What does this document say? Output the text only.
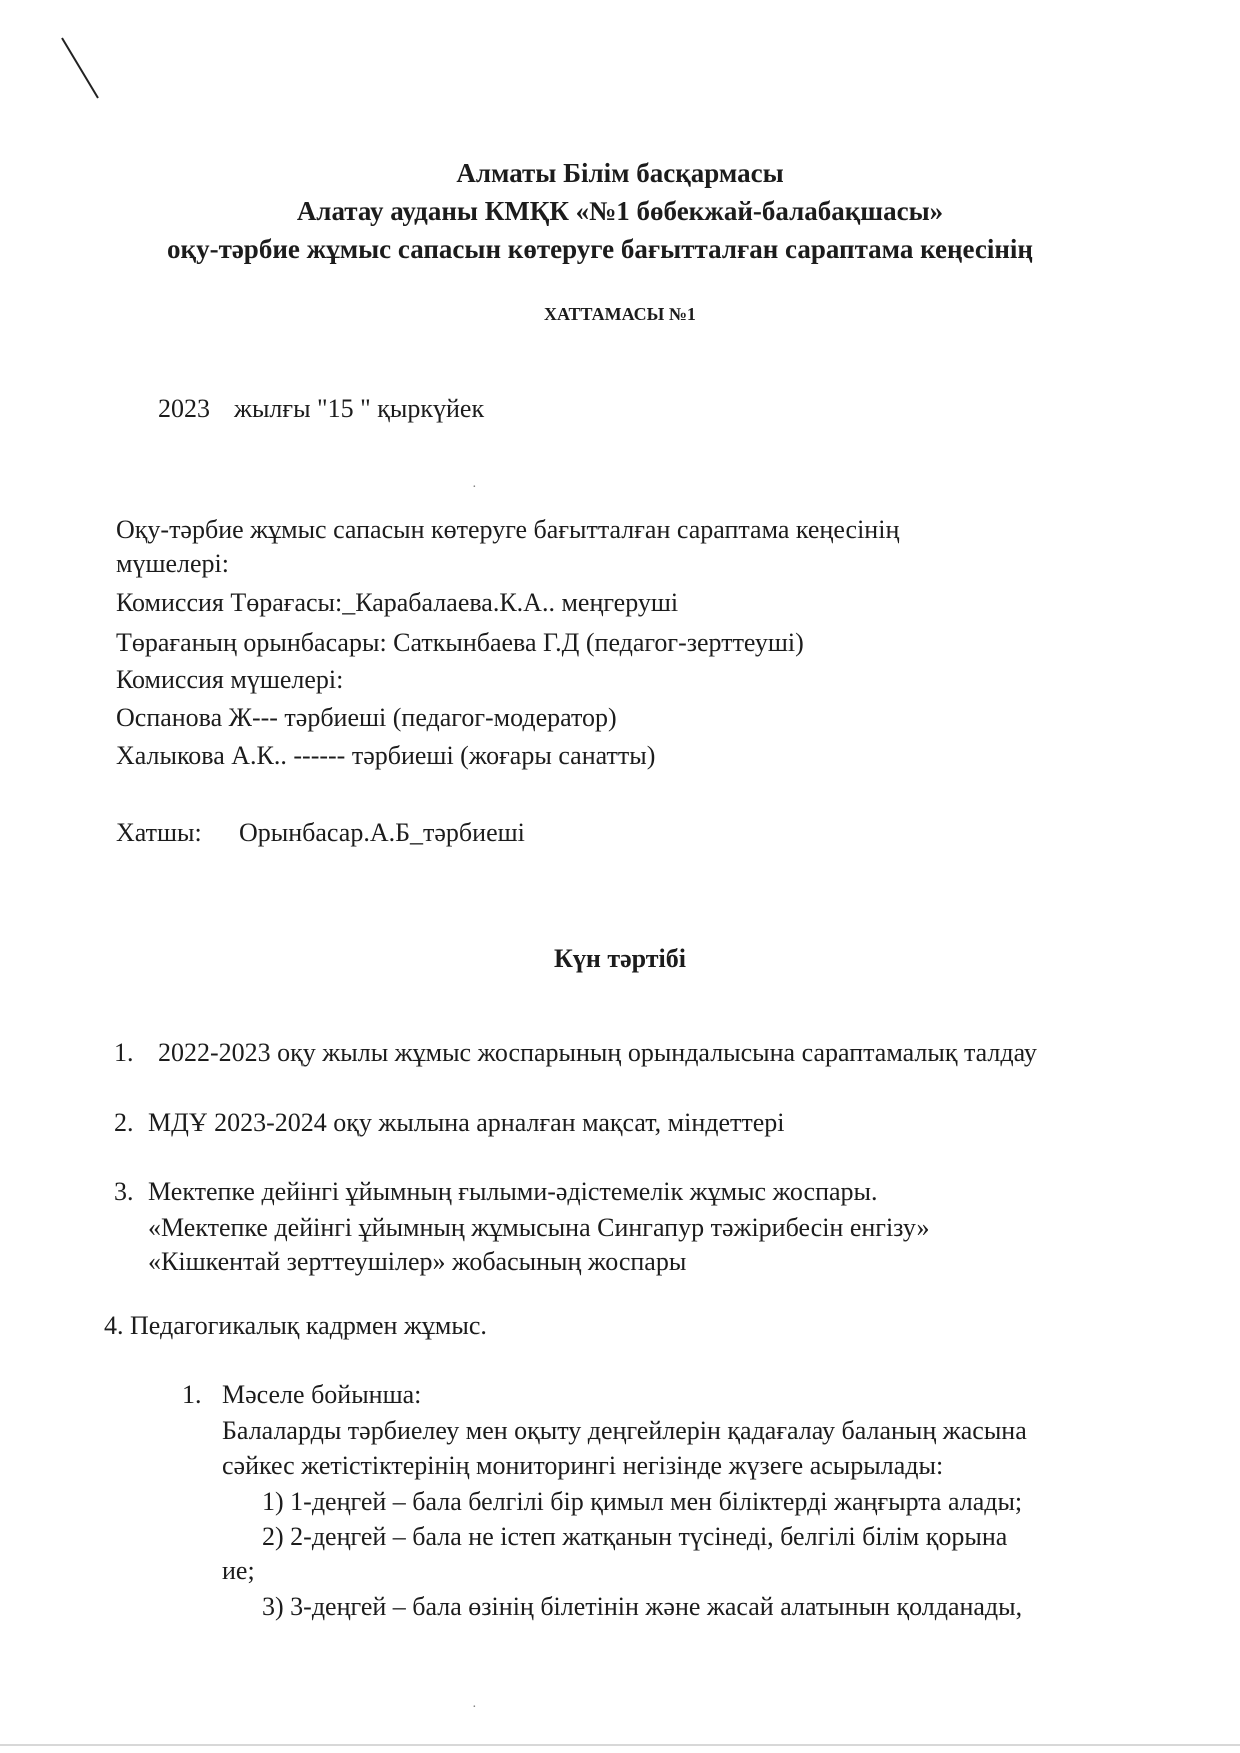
Алматы Білім басқармасы
Алатау ауданы КМҚК «№1 бөбекжай-балабақшасы»
оқу-тәрбие жұмыс сапасын көтеруге бағытталған сараптама кеңесінің
ХАТТАМАСЫ №1
2023 жылғы "15 " қыркүйек
·
Оқу-тәрбие жұмыс сапасын көтеруге бағытталған сараптама кеңесінің
мүшелері:
Комиссия Төрағасы:_Карабалаева.К.А.. меңгеруші
Төрағаның орынбасары: Саткынбаева Г.Д (педагог-зерттеуші)
Комиссия мүшелері:
Оспанова Ж--- тәрбиеші (педагог-модератор)
Халыкова А.К.. ------ тәрбиеші (жоғары санатты)
Хатшы: Орынбасар.А.Б_тәрбиеші
Күн тәртібі
1. 2022-2023 оқу жылы жұмыс жоспарының орындалысына сараптамалық талдау
2. МДҰ 2023-2024 оқу жылына арналған мақсат, міндеттері
3. Мектепке дейінгі ұйымның ғылыми-әдістемелік жұмыс жоспары.
«Мектепке дейінгі ұйымның жұмысына Сингапур тәжірибесін енгізу»
«Кішкентай зерттеушілер» жобасының жоспары
4. Педагогикалық кадрмен жұмыс.
1. Мәселе бойынша:
Балаларды тәрбиелеу мен оқыту деңгейлерін қадағалау баланың жасына
сәйкес жетістіктерінің мониторингі негізінде жүзеге асырылады:
1) 1-деңгей – бала белгілі бір қимыл мен біліктерді жаңғырта алады;
2) 2-деңгей – бала не істеп жатқанын түсінеді, белгілі білім қорына
ие;
3) 3-деңгей – бала өзінің білетінін және жасай алатынын қолданады,
·
